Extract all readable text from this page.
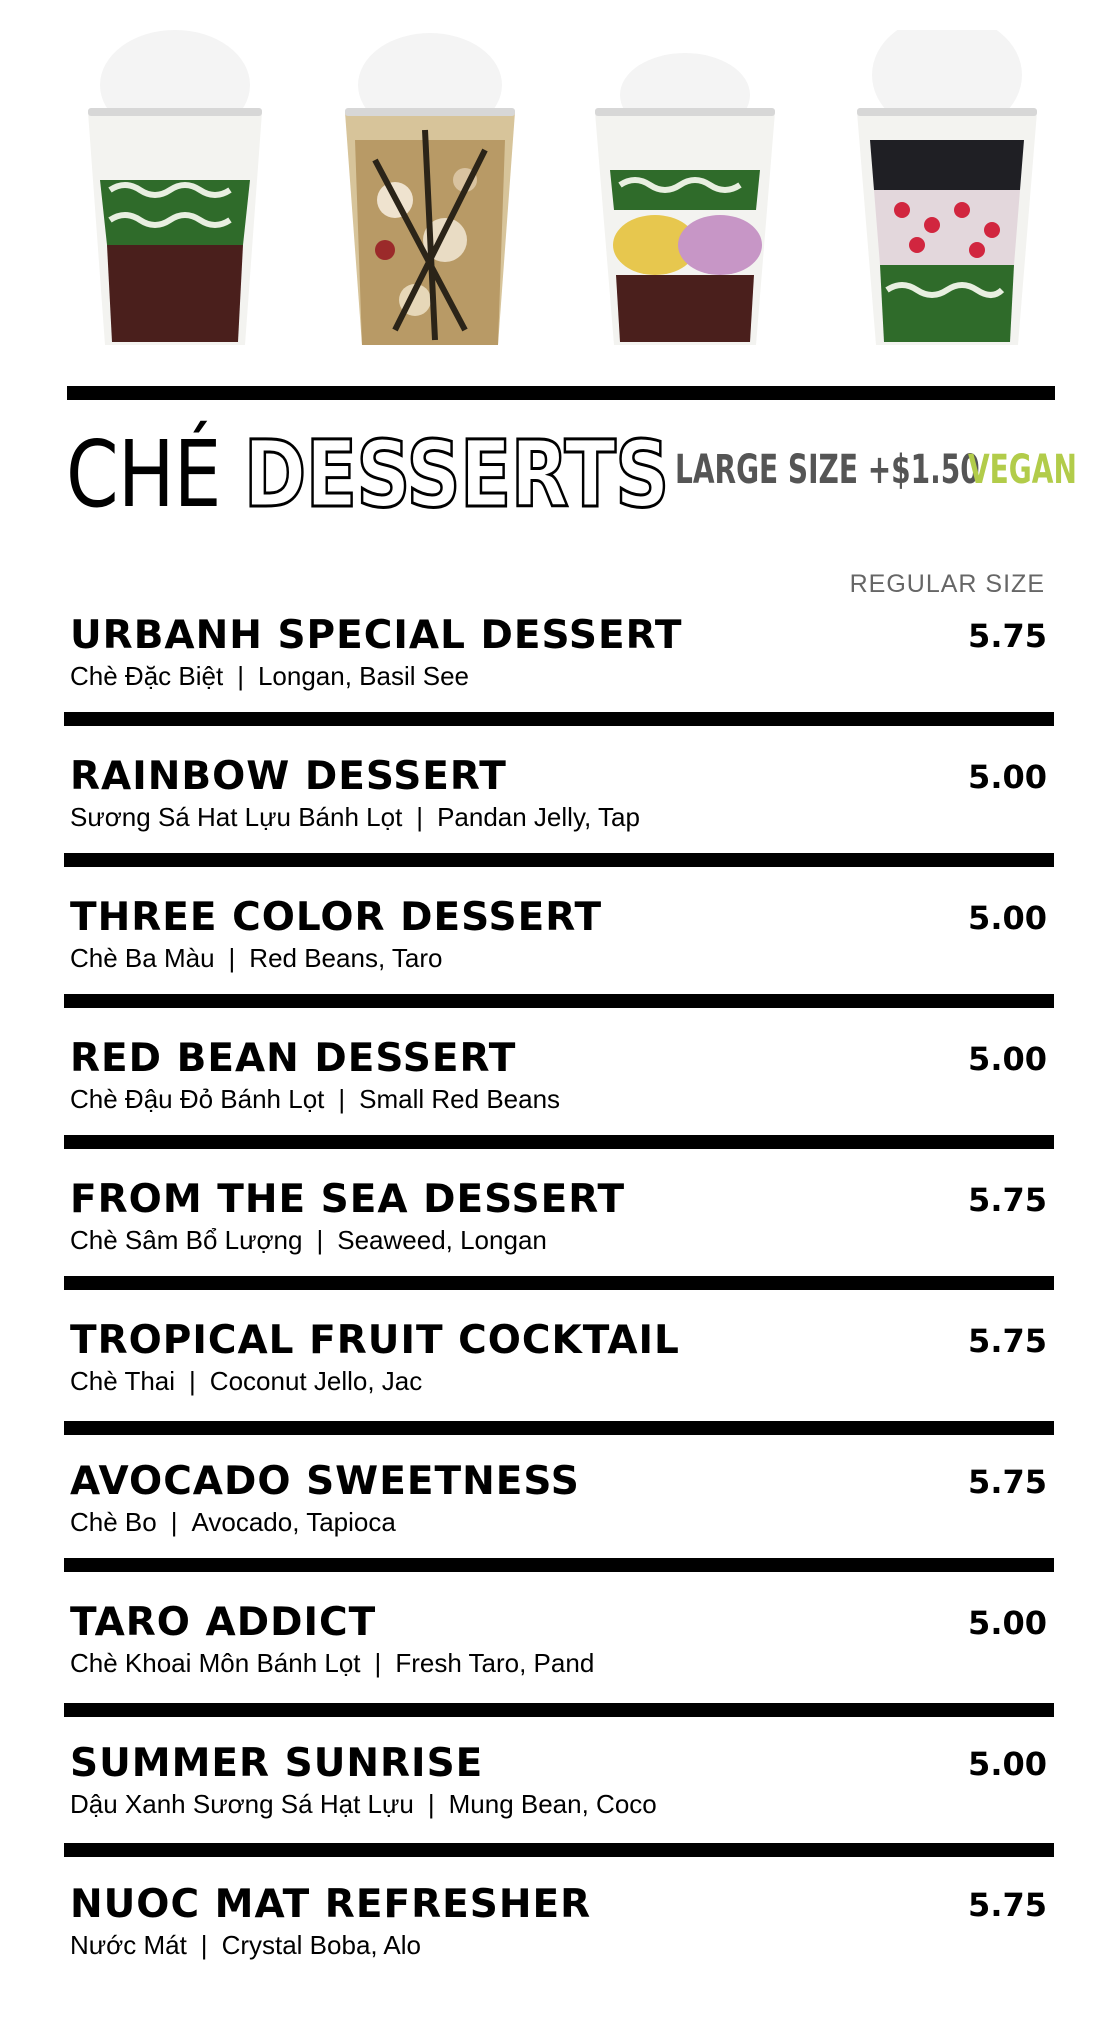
CHÉ DESSERTS LARGE SIZE +$1.50
VEGAN
REGULAR SIZE
URBANH SPECIAL DESSERT	5.75
Chè Đặc Biệt | Longan, Basil See
RAINBOW DESSERT	5.00
Sương Sá Hat Lựu Bánh Lọt | Pandan Jelly, Tap
THREE COLOR DESSERT	5.00
Chè Ba Màu | Red Beans, Taro
RED BEAN DESSERT	5.00
Chè Đậu Đỏ Bánh Lọt | Small Red Beans
FROM THE SEA DESSERT	5.75
Chè Sâm Bổ Lượng | Seaweed, Longan
TROPICAL FRUIT COCKTAIL	5.75
Chè Thai | Coconut Jello, Jac
AVOCADO SWEETNESS	5.75
Chè Bo | Avocado, Tapioca
TARO ADDICT	5.00
Chè Khoai Môn Bánh Lọt | Fresh Taro, Pand
SUMMER SUNRISE	5.00
Dậu Xanh Sương Sá Hạt Lựu | Mung Bean, Coco
NUOC MAT REFRESHER	5.75
Nước Mát | Crystal Boba, Alo
